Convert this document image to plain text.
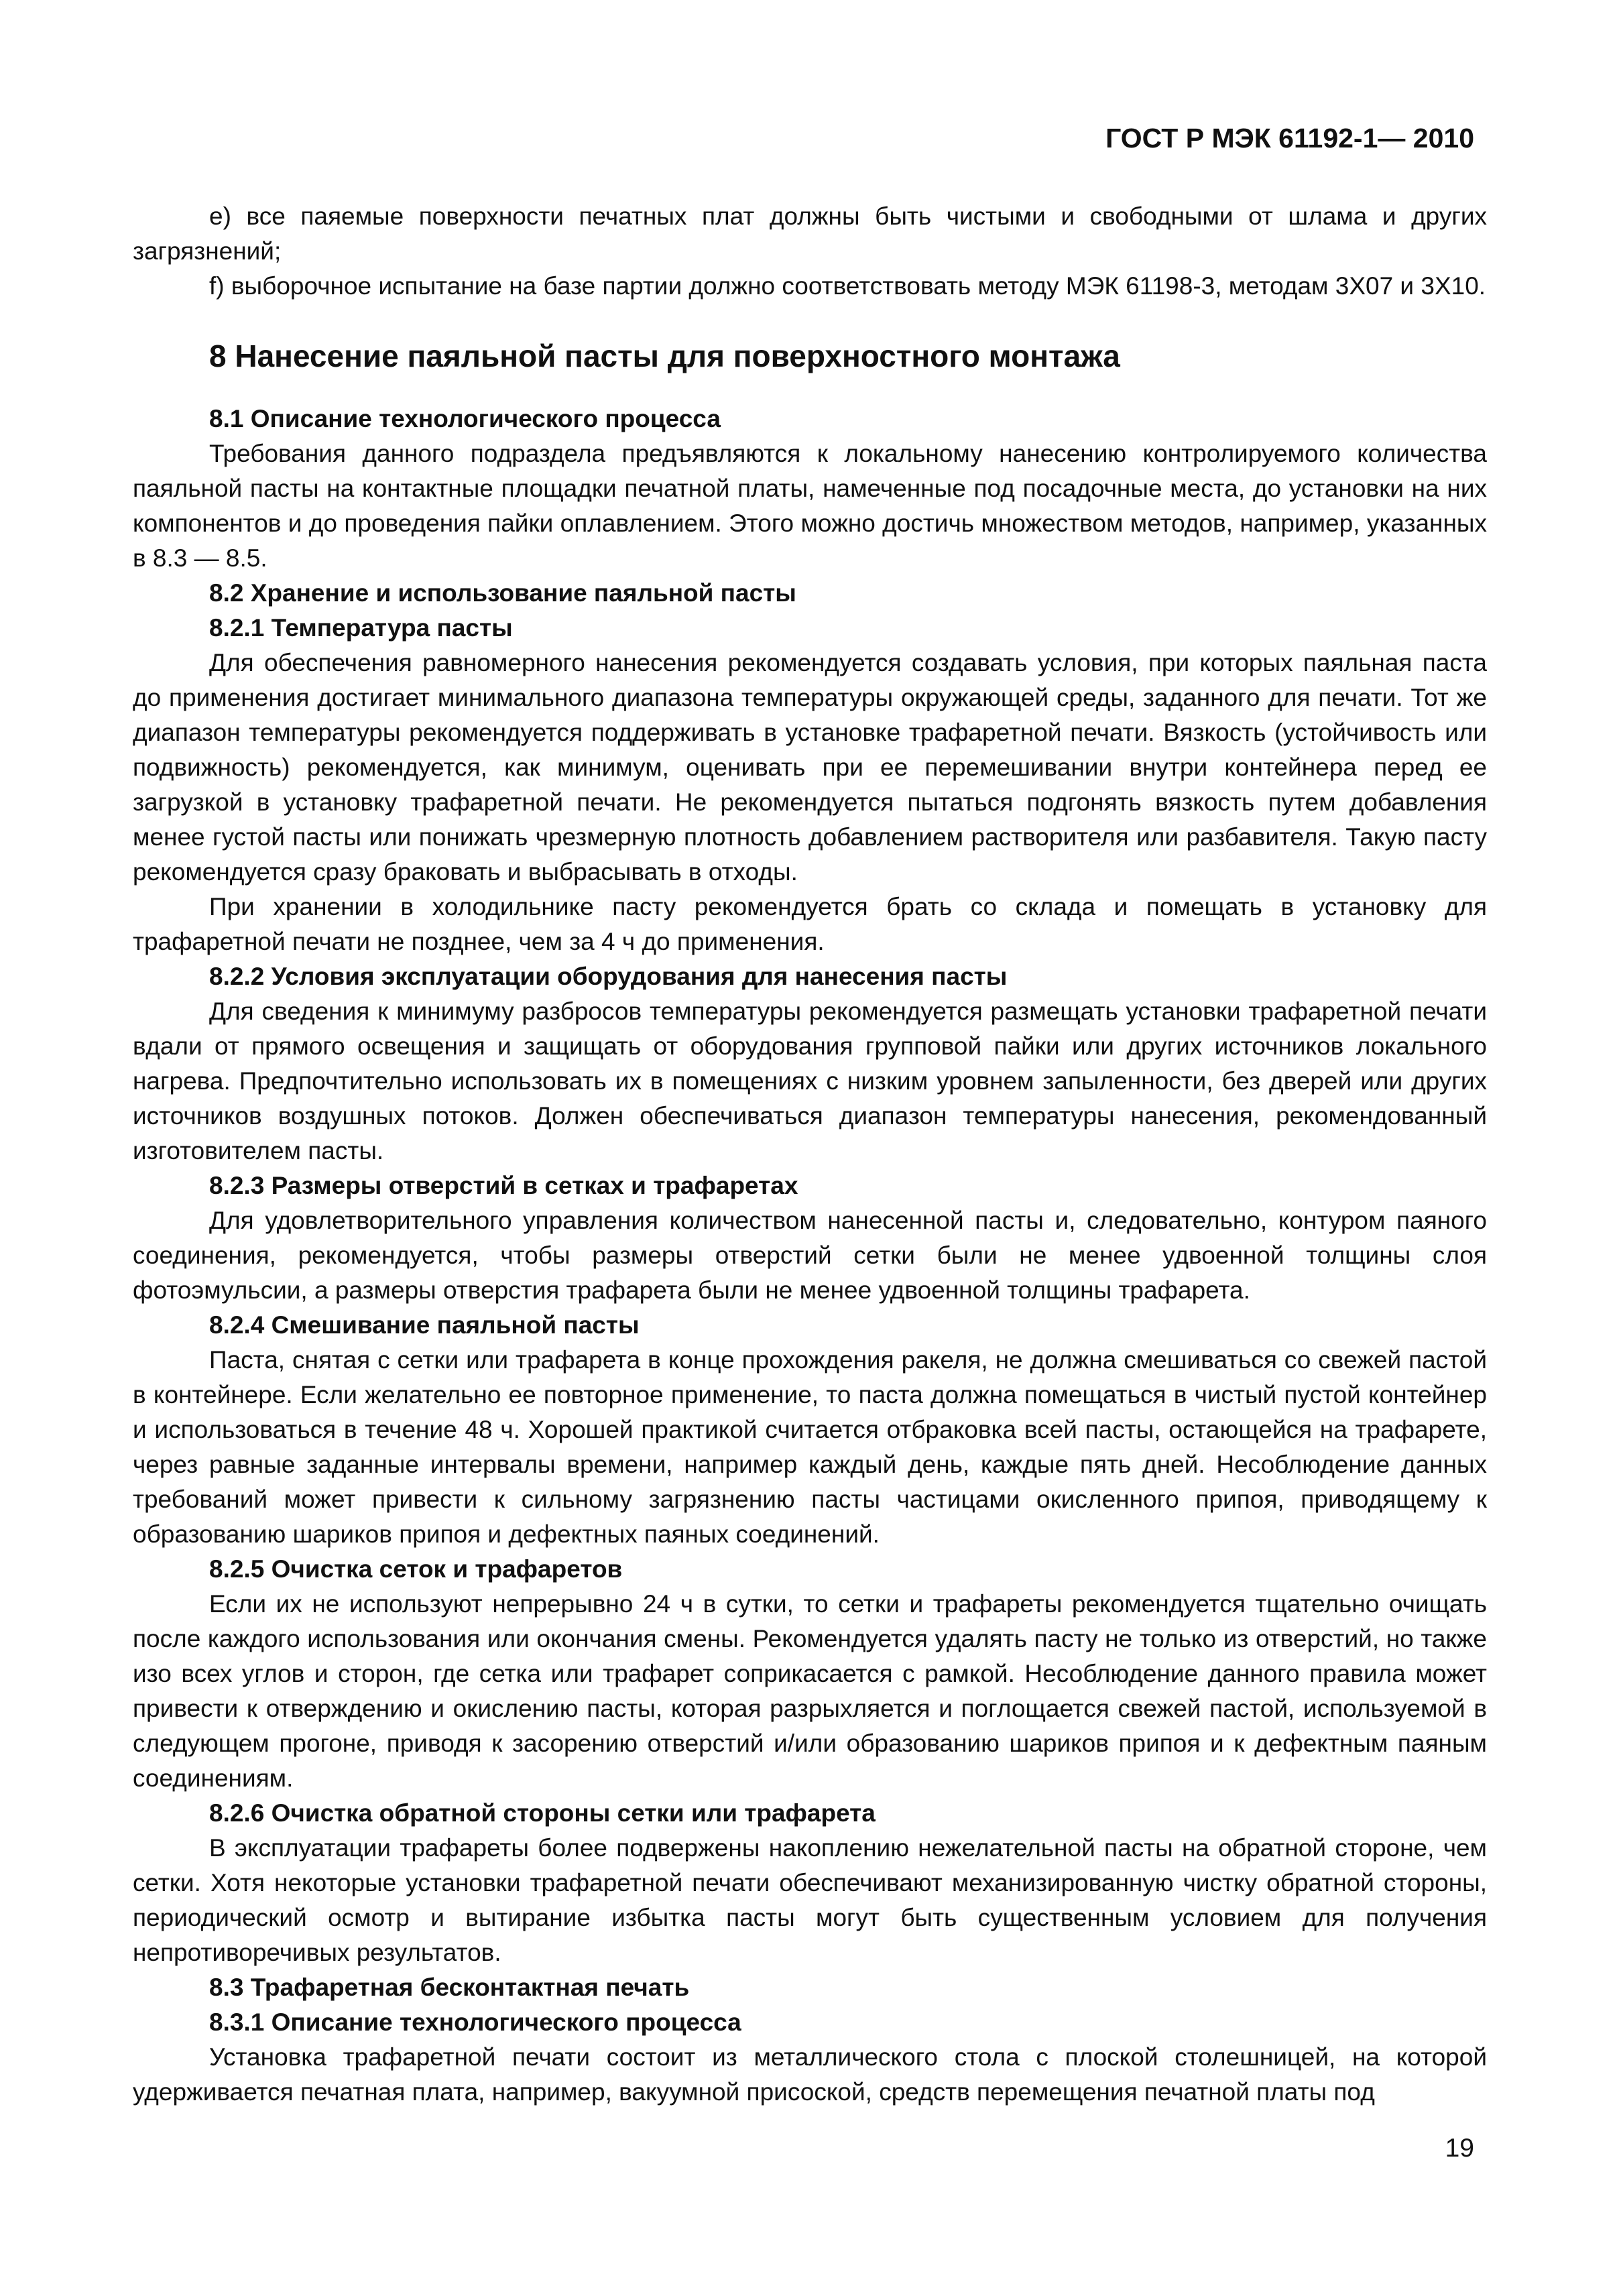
ГОСТ Р МЭК 61192-1— 2010

е) все паяемые поверхности печатных плат должны быть чистыми и свободными от шлама и других загрязнений;

f) выборочное испытание на базе партии должно соответствовать методу МЭК 61198-3, методам 3Х07 и 3Х10.

8 Нанесение паяльной пасты для поверхностного монтажа

8.1 Описание технологического процесса

Требования данного подраздела предъявляются к локальному нанесению контролируемого количества паяльной пасты на контактные площадки печатной платы, намеченные под посадочные места, до установки на них компонентов и до проведения пайки оплавлением. Этого можно достичь множеством методов, например, указанных в 8.3 — 8.5.

8.2 Хранение и использование паяльной пасты

8.2.1 Температура пасты

Для обеспечения равномерного нанесения рекомендуется создавать условия, при которых паяльная паста до применения достигает минимального диапазона температуры окружающей среды, заданного для печати. Тот же диапазон температуры рекомендуется поддерживать в установке трафаретной печати. Вязкость (устойчивость или подвижность) рекомендуется, как минимум, оценивать при ее перемешивании внутри контейнера перед ее загрузкой в установку трафаретной печати. Не рекомендуется пытаться подгонять вязкость путем добавления менее густой пасты или понижать чрезмерную плотность добавлением растворителя или разбавителя. Такую пасту рекомендуется сразу браковать и выбрасывать в отходы.

При хранении в холодильнике пасту рекомендуется брать со склада и помещать в установку для трафаретной печати не позднее, чем за 4 ч до применения.

8.2.2 Условия эксплуатации оборудования для нанесения пасты

Для сведения к минимуму разбросов температуры рекомендуется размещать установки трафаретной печати вдали от прямого освещения и защищать от оборудования групповой пайки или других источников локального нагрева. Предпочтительно использовать их в помещениях с низким уровнем запыленности, без дверей или других источников воздушных потоков. Должен обеспечиваться диапазон температуры нанесения, рекомендованный изготовителем пасты.

8.2.3 Размеры отверстий в сетках и трафаретах

Для удовлетворительного управления количеством нанесенной пасты и, следовательно, контуром паяного соединения, рекомендуется, чтобы размеры отверстий сетки были не менее удвоенной толщины слоя фотоэмульсии, а размеры отверстия трафарета были не менее удвоенной толщины трафарета.

8.2.4 Смешивание паяльной пасты

Паста, снятая с сетки или трафарета в конце прохождения ракеля, не должна смешиваться со свежей пастой в контейнере. Если желательно ее повторное применение, то паста должна помещаться в чистый пустой контейнер и использоваться в течение 48 ч. Хорошей практикой считается отбраковка всей пасты, остающейся на трафарете, через равные заданные интервалы времени, например каждый день, каждые пять дней. Несоблюдение данных требований может привести к сильному загрязнению пасты частицами окисленного припоя, приводящему к образованию шариков припоя и дефектных паяных соединений.

8.2.5 Очистка сеток и трафаретов

Если их не используют непрерывно 24 ч в сутки, то сетки и трафареты рекомендуется тщательно очищать после каждого использования или окончания смены. Рекомендуется удалять пасту не только из отверстий, но также изо всех углов и сторон, где сетка или трафарет соприкасается с рамкой. Несоблюдение данного правила может привести к отверждению и окислению пасты, которая разрыхляется и поглощается свежей пастой, используемой в следующем прогоне, приводя к засорению отверстий и/или образованию шариков припоя и к дефектным паяным соединениям.

8.2.6 Очистка обратной стороны сетки или трафарета

В эксплуатации трафареты более подвержены накоплению нежелательной пасты на обратной стороне, чем сетки. Хотя некоторые установки трафаретной печати обеспечивают механизированную чистку обратной стороны, периодический осмотр и вытирание избытка пасты могут быть существенным условием для получения непротиворечивых результатов.

8.3 Трафаретная бесконтактная печать

8.3.1 Описание технологического процесса

Установка трафаретной печати состоит из металлического стола с плоской столешницей, на которой удерживается печатная плата, например, вакуумной присоской, средств перемещения печатной платы под

19
